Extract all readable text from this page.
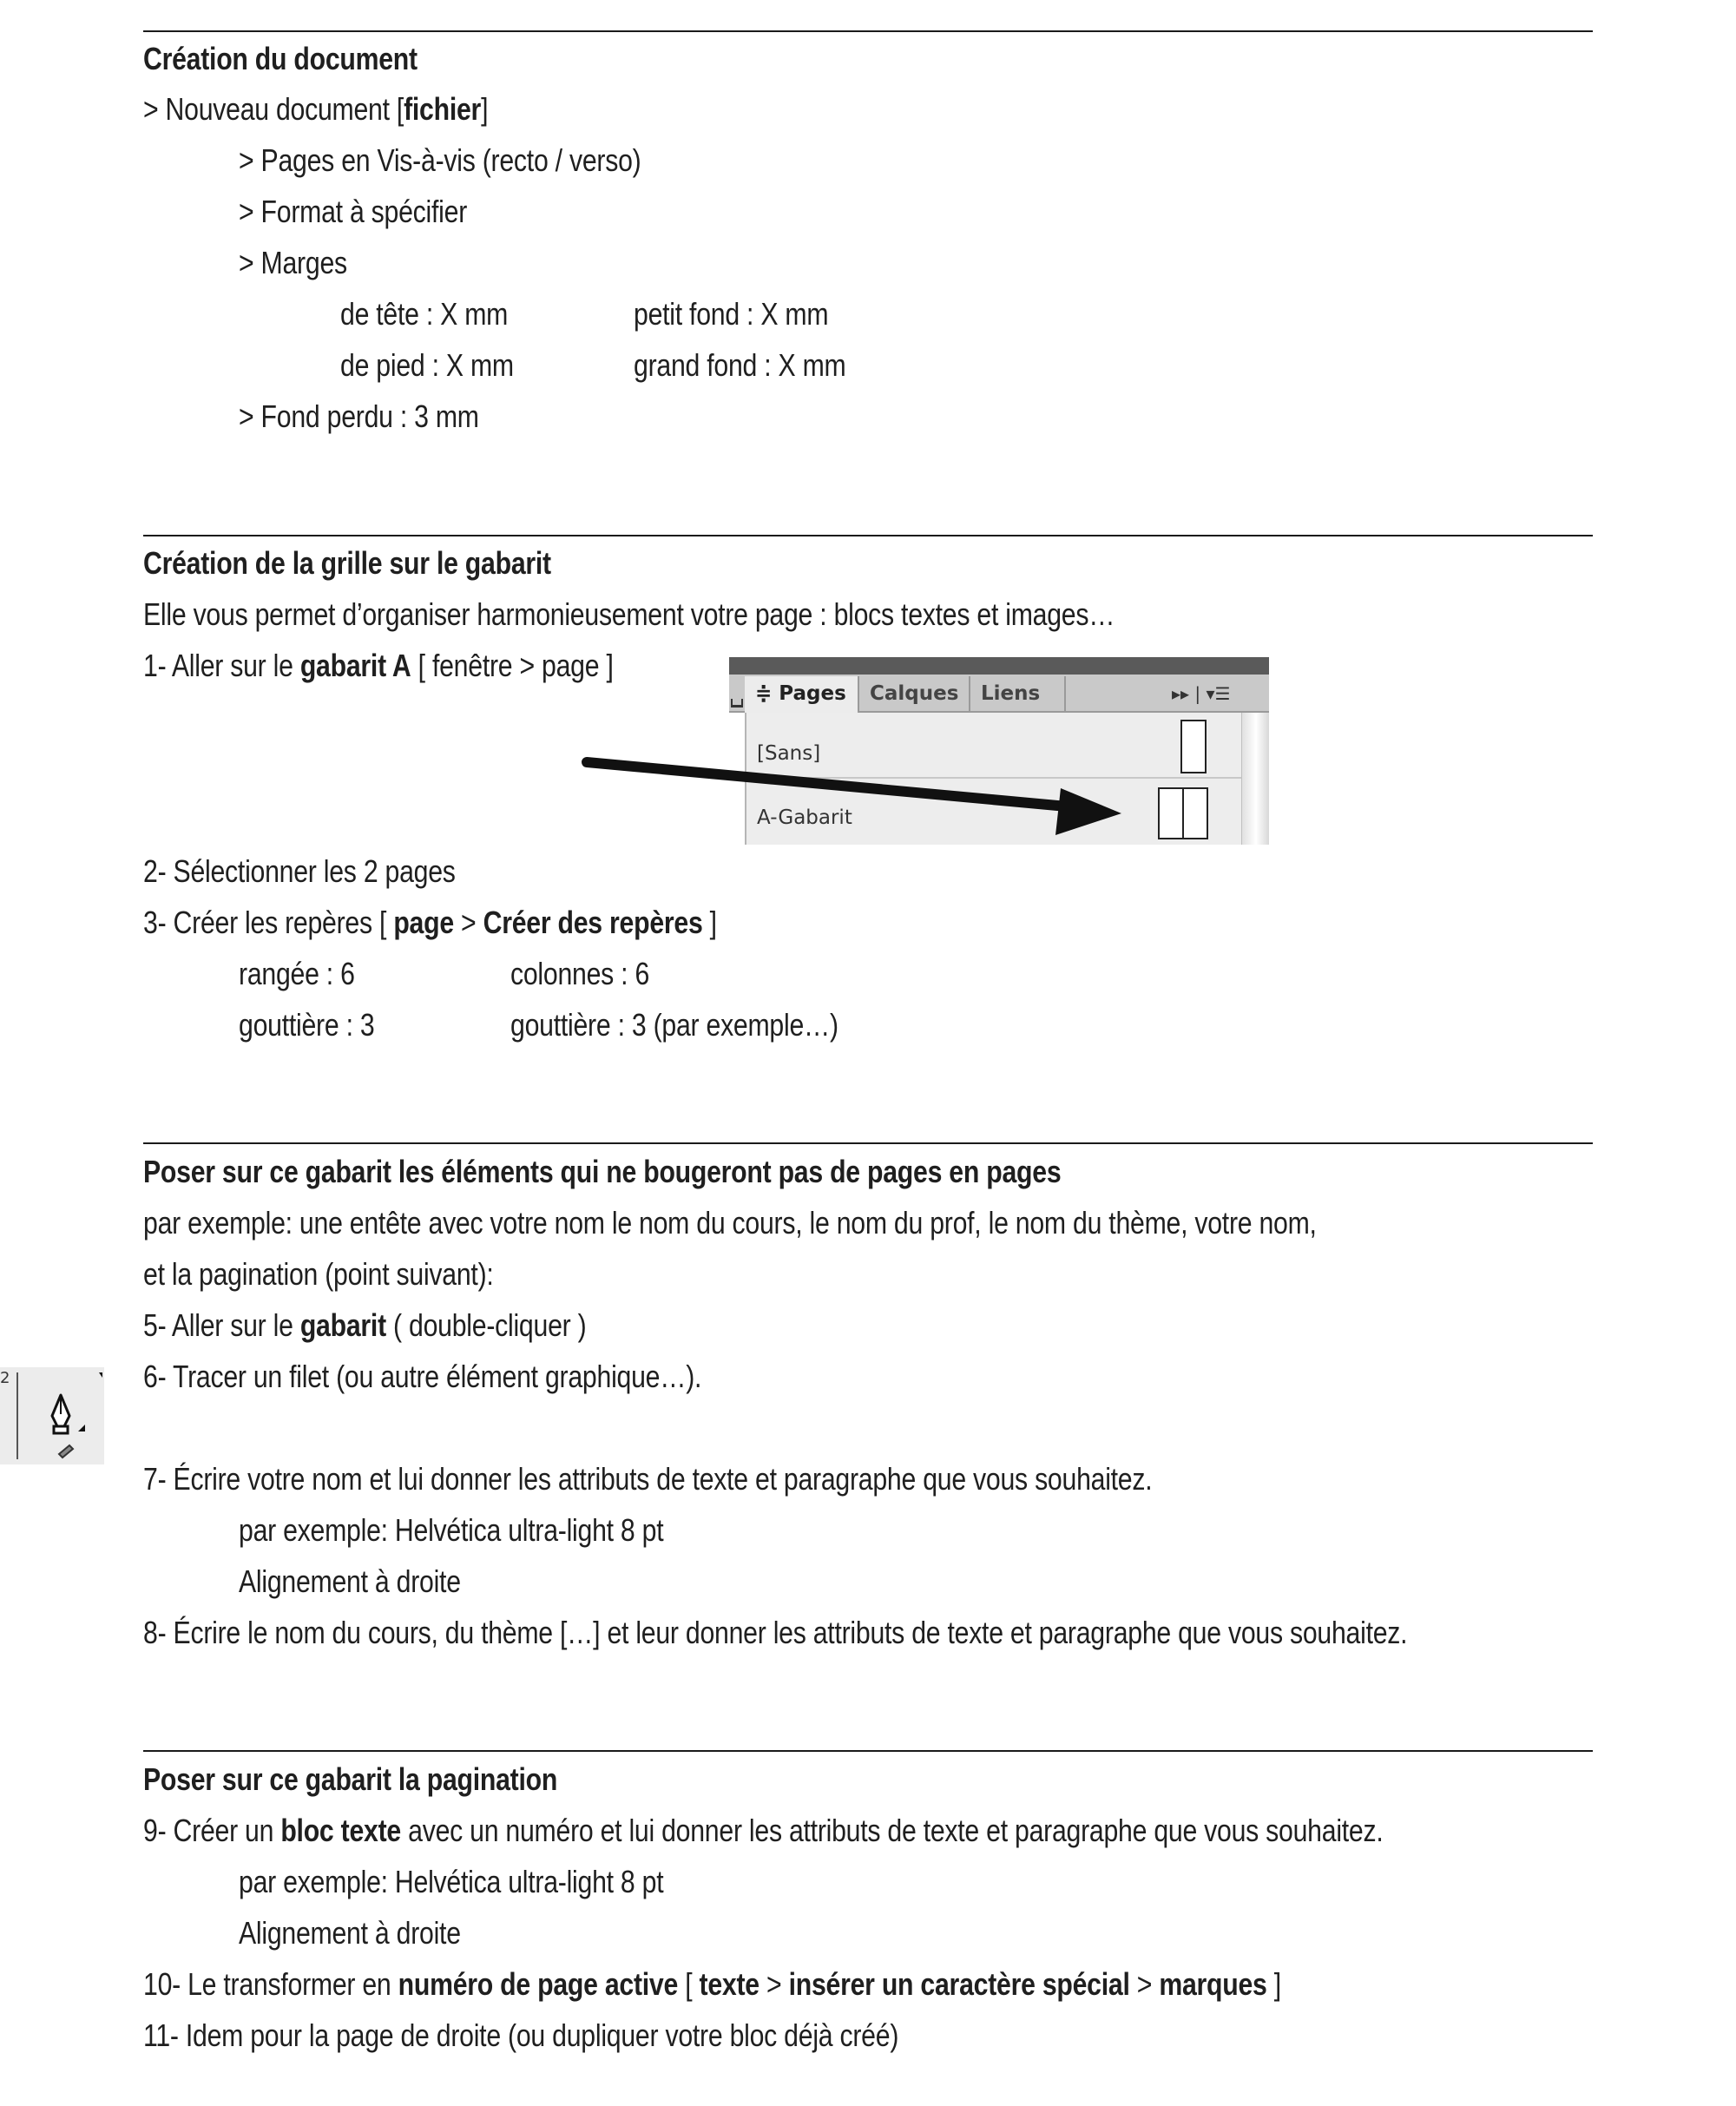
Création du document
> Nouveau document [fichier]
> Pages en Vis-à-vis (recto / verso)
> Format à spécifier
> Marges
de tête : X mm	petit fond : X mm
de pied : X mm	grand fond : X mm
> Fond perdu : 3 mm
Création de la grille sur le gabarit
Elle vous permet d’organiser harmonieusement votre page : blocs textes et images…
1- Aller sur le gabarit A [ fenêtre > page ]
≑ Pages	Calques	Liens	▸▸ | ▾☰
[Sans]
A-Gabarit
2- Sélectionner les 2 pages
3- Créer les repères [ page > Créer des repères ]
rangée : 6	colonnes : 6
gouttière : 3	gouttière : 3 (par exemple…)
Poser sur ce gabarit les éléments qui ne bougeront pas de pages en pages
par exemple: une entête avec votre nom le nom du cours, le nom du prof, le nom du thème, votre nom,
et la pagination (point suivant):
5- Aller sur le gabarit ( double-cliquer )
6- Tracer un filet (ou autre élément graphique…).
2
7- Écrire votre nom et lui donner les attributs de texte et paragraphe que vous souhaitez.
par exemple: Helvética ultra-light 8 pt
Alignement à droite
8- Écrire le nom du cours, du thème […] et leur donner les attributs de texte et paragraphe que vous souhaitez.
Poser sur ce gabarit la pagination
9- Créer un bloc texte avec un numéro et lui donner les attributs de texte et paragraphe que vous souhaitez.
par exemple: Helvética ultra-light 8 pt
Alignement à droite
10- Le transformer en numéro de page active [ texte > insérer un caractère spécial > marques ]
11- Idem pour la page de droite (ou dupliquer votre bloc déjà créé)
